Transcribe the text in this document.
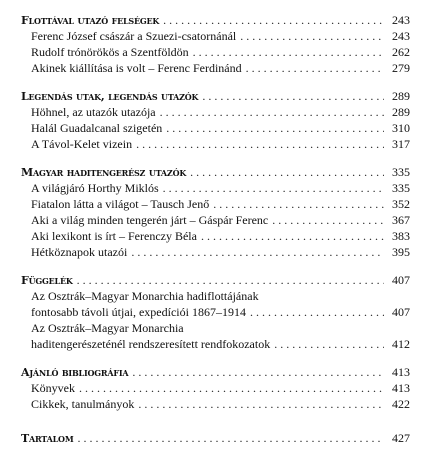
Flottával utazó felségek . . .	243
Ferenc József császár a Szuezi-csatornánál . . .	243
Rudolf trónörökös a Szentföldön . . .	262
Akinek kiállítása is volt – Ferenc Ferdinánd . . .	279
Legendás utak, legendás utazók . . .	289
Höhnel, az utazók utazója . . .	289
Halál Guadalcanal szigetén . . .	310
A Távol-Kelet vizein . . .	317
Magyar haditengerész utazók . . .	335
A világjáró Horthy Miklós . . .	335
Fiatalon látta a világot – Tausch Jenő . . .	352
Aki a világ minden tengerén járt – Gáspár Ferenc . . .	367
Aki lexikont is írt – Ferenczy Béla . . .	383
Hétköznapok utazói . . .	395
Függelék . . .	407
Az Osztrák–Magyar Monarchia hadiflottájának
fontosabb távoli útjai, expedíciói 1867–1914 . . .	407
Az Osztrák–Magyar Monarchia
haditengerészeténél rendszeresített rendfokozatok . . .	412
Ajánló bibliográfia . . .	413
Könyvek . . .	413
Cikkek, tanulmányok . . .	422
Tartalom . . .	427
